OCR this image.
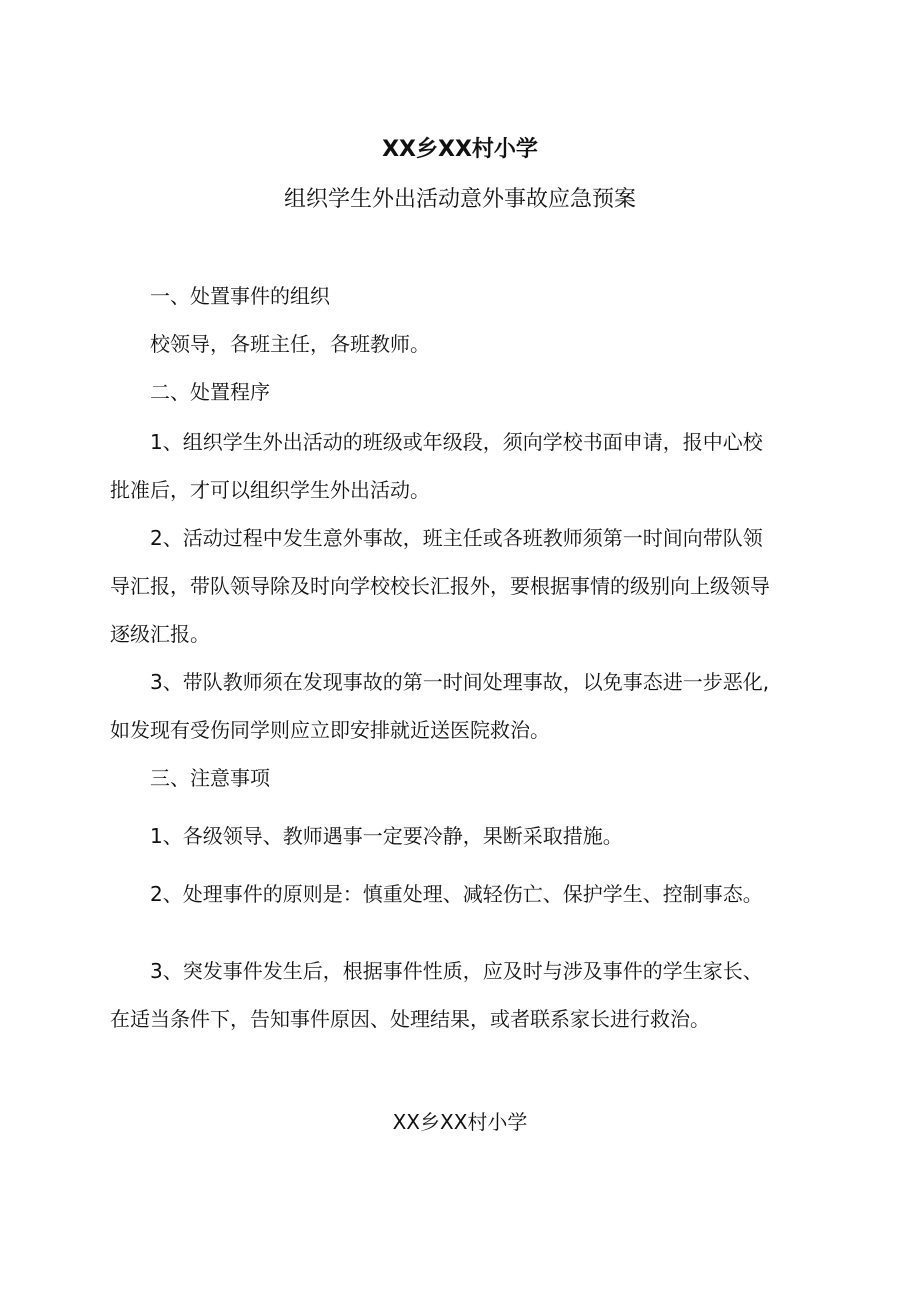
XX乡XX村小学
组织学生外出活动意外事故应急预案
一、处置事件的组织
校领导，各班主任，各班教师。
二、处置程序
1、组织学生外出活动的班级或年级段，须向学校书面申请，报中心校
批准后，才可以组织学生外出活动。
2、活动过程中发生意外事故，班主任或各班教师须第一时间向带队领
导汇报，带队领导除及时向学校校长汇报外，要根据事情的级别向上级领导
逐级汇报。
3、带队教师须在发现事故的第一时间处理事故，以免事态进一步恶化,
如发现有受伤同学则应立即安排就近送医院救治。
三、注意事项
1、各级领导、教师遇事一定要冷静，果断采取措施。
2、处理事件的原则是：慎重处理、减轻伤亡、保护学生、控制事态。
3、突发事件发生后，根据事件性质，应及时与涉及事件的学生家长、
在适当条件下，告知事件原因、处理结果，或者联系家长进行救治。
XX乡XX村小学
